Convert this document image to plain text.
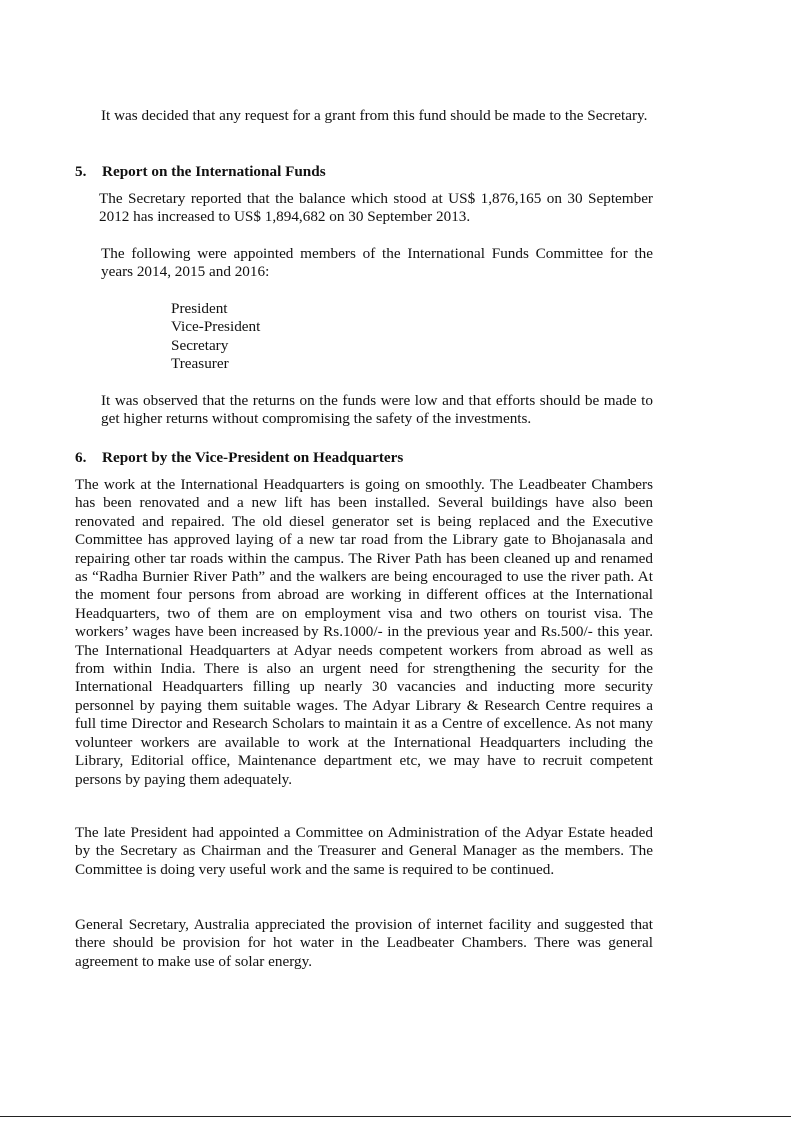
It was decided that any request for a grant from this fund should be made to the Secretary.

5. Report on the International Funds

The Secretary reported that the balance which stood at US$ 1,876,165 on 30 September 2012 has increased to US$ 1,894,682 on 30 September 2013.

The following were appointed members of the International Funds Committee for the years 2014, 2015 and 2016:

President
Vice-President
Secretary
Treasurer

It was observed that the returns on the funds were low and that efforts should be made to get higher returns without compromising the safety of the investments.

6. Report by the Vice-President on Headquarters

The work at the International Headquarters is going on smoothly. The Leadbeater Chambers has been renovated and a new lift has been installed. Several buildings have also been renovated and repaired. The old diesel generator set is being replaced and the Executive Committee has approved laying of a new tar road from the Library gate to Bhojanasala and repairing other tar roads within the campus. The River Path has been cleaned up and renamed as “Radha Burnier River Path” and the walkers are being encouraged to use the river path. At the moment four persons from abroad are working in different offices at the International Headquarters, two of them are on employment visa and two others on tourist visa. The workers’ wages have been increased by Rs.1000/- in the previous year and Rs.500/- this year. The International Headquarters at Adyar needs competent workers from abroad as well as from within India. There is also an urgent need for strengthening the security for the International Headquarters filling up nearly 30 vacancies and inducting more security personnel by paying them suitable wages. The Adyar Library & Research Centre requires a full time Director and Research Scholars to maintain it as a Centre of excellence. As not many volunteer workers are available to work at the International Headquarters including the Library, Editorial office, Maintenance department etc, we may have to recruit competent persons by paying them adequately.

The late President had appointed a Committee on Administration of the Adyar Estate headed by the Secretary as Chairman and the Treasurer and General Manager as the members. The Committee is doing very useful work and the same is required to be continued.

General Secretary, Australia appreciated the provision of internet facility and suggested that there should be provision for hot water in the Leadbeater Chambers. There was general agreement to make use of solar energy.
